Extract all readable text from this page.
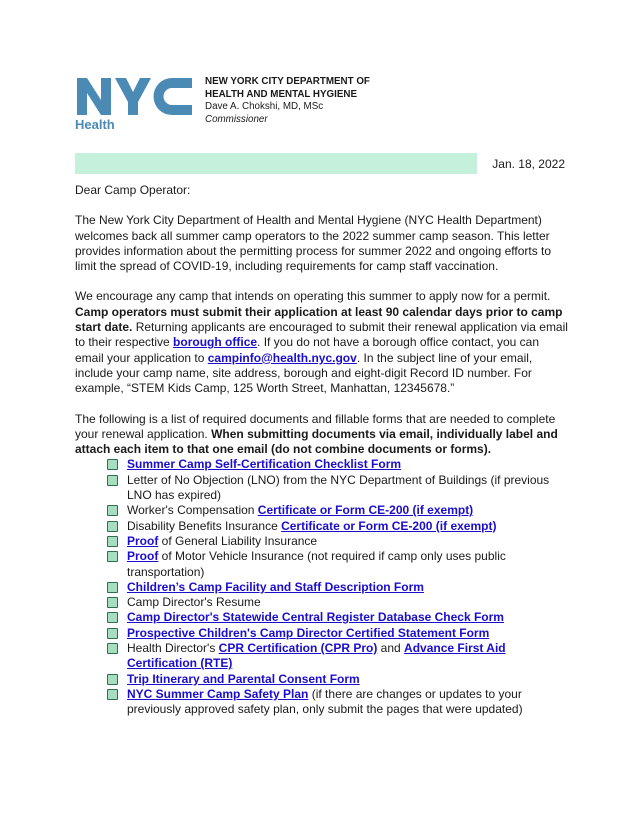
Health
NEW YORK CITY DEPARTMENT OF
HEALTH AND MENTAL HYGIENE
Dave A. Chokshi, MD, MSc
Commissioner
Jan. 18, 2022

Dear Camp Operator:

The New York City Department of Health and Mental Hygiene (NYC Health Department) welcomes back all summer camp operators to the 2022 summer camp season. This letter provides information about the permitting process for summer 2022 and ongoing efforts to limit the spread of COVID-19, including requirements for camp staff vaccination.

We encourage any camp that intends on operating this summer to apply now for a permit. Camp operators must submit their application at least 90 calendar days prior to camp start date. Returning applicants are encouraged to submit their renewal application via email to their respective borough office. If you do not have a borough office contact, you can email your application to campinfo@health.nyc.gov. In the subject line of your email, include your camp name, site address, borough and eight-digit Record ID number. For example, “STEM Kids Camp, 125 Worth Street, Manhattan, 12345678.”

The following is a list of required documents and fillable forms that are needed to complete your renewal application. When submitting documents via email, individually label and attach each item to that one email (do not combine documents or forms).

Summer Camp Self-Certification Checklist Form
Letter of No Objection (LNO) from the NYC Department of Buildings (if previous LNO has expired)
Worker's Compensation Certificate or Form CE-200 (if exempt)
Disability Benefits Insurance Certificate or Form CE-200 (if exempt)
Proof of General Liability Insurance
Proof of Motor Vehicle Insurance (not required if camp only uses public transportation)
Children’s Camp Facility and Staff Description Form
Camp Director's Resume
Camp Director's Statewide Central Register Database Check Form
Prospective Children's Camp Director Certified Statement Form
Health Director's CPR Certification (CPR Pro) and Advance First Aid Certification (RTE)
Trip Itinerary and Parental Consent Form
NYC Summer Camp Safety Plan (if there are changes or updates to your previously approved safety plan, only submit the pages that were updated)
